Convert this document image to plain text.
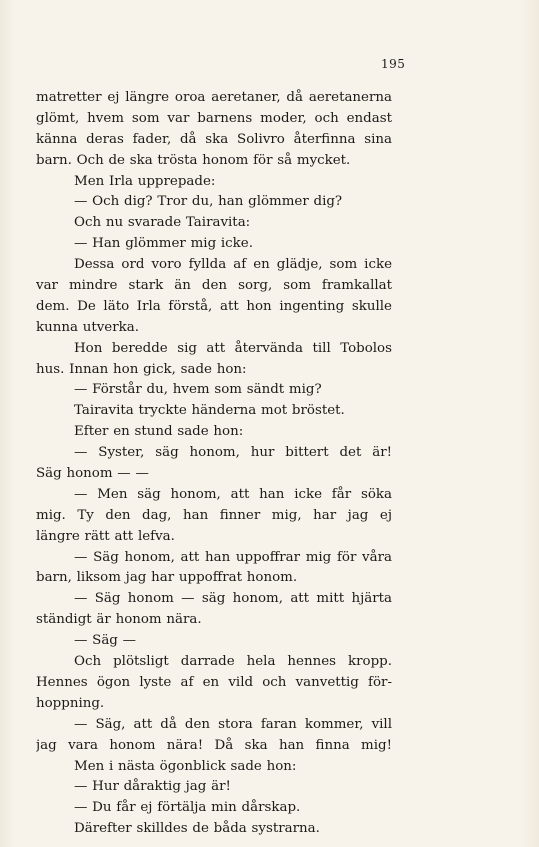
195
matretter ej längre oroa aeretaner, då aeretanerna
glömt, hvem som var barnens moder, och endast
känna deras fader, då ska Solivro återfinna sina
barn. Och de ska trösta honom för så mycket.
Men Irla upprepade:
— Och dig? Tror du, han glömmer dig?
Och nu svarade Tairavita:
— Han glömmer mig icke.
Dessa ord voro fyllda af en glädje, som icke
var mindre stark än den sorg, som framkallat
dem. De läto Irla förstå, att hon ingenting skulle
kunna utverka.
Hon beredde sig att återvända till Tobolos
hus. Innan hon gick, sade hon:
— Förstår du, hvem som sändt mig?
Tairavita tryckte händerna mot bröstet.
Efter en stund sade hon:
— Syster, säg honom, hur bittert det är!
Säg honom — —
— Men säg honom, att han icke får söka
mig. Ty den dag, han finner mig, har jag ej
längre rätt att lefva.
— Säg honom, att han uppoffrar mig för våra
barn, liksom jag har uppoffrat honom.
— Säg honom — säg honom, att mitt hjärta
ständigt är honom nära.
— Säg —
Och plötsligt darrade hela hennes kropp.
Hennes ögon lyste af en vild och vanvettig för-
hoppning.
— Säg, att då den stora faran kommer, vill
jag vara honom nära! Då ska han finna mig!
Men i nästa ögonblick sade hon:
— Hur dåraktig jag är!
— Du får ej förtälja min dårskap.
Därefter skilldes de båda systrarna.
